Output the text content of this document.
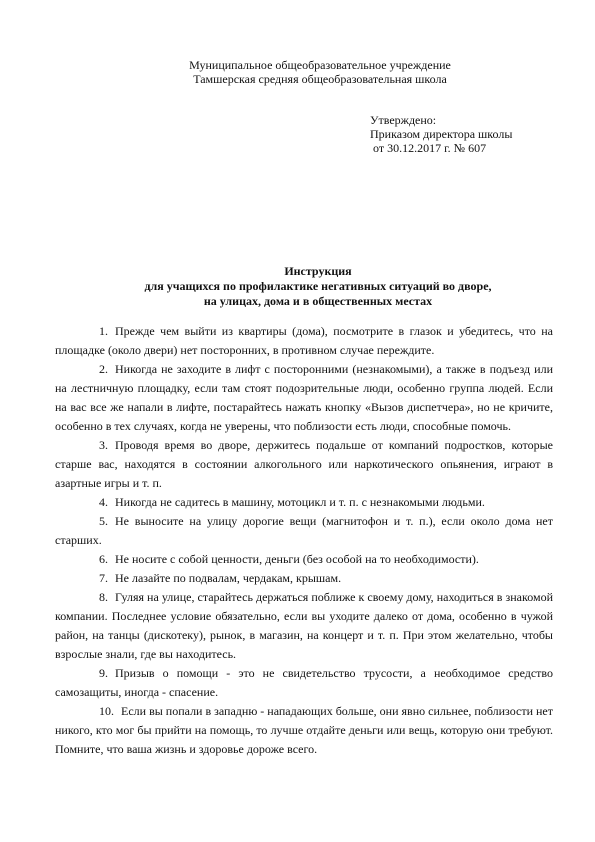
Муниципальное общеобразовательное учреждение
Тамшерская средняя общеобразовательная школа
Утверждено:
Приказом директора школы
от 30.12.2017 г. № 607
Инструкция
для учащихся по профилактике негативных ситуаций во дворе,
на улицах, дома и в общественных местах

1. Прежде чем выйти из квартиры (дома), посмотрите в глазок и убедитесь, что на площадке (около двери) нет посторонних, в противном случае переждите.

2. Никогда не заходите в лифт с посторонними (незнакомыми), а также в подъезд или на лестничную площадку, если там стоят подозрительные люди, особенно группа людей. Если на вас все же напали в лифте, постарайтесь нажать кнопку «Вызов диспетчера», но не кричите, особенно в тех случаях, когда не уверены, что поблизости есть люди, способные помочь.

3. Проводя время во дворе, держитесь подальше от компаний подростков, которые старше вас, находятся в состоянии алкогольного или наркотического опьянения, играют в азартные игры и т. п.

4. Никогда не садитесь в машину, мотоцикл и т. п. с незнакомыми людьми.

5. Не выносите на улицу дорогие вещи (магнитофон и т. п.), если около дома нет старших.

6. Не носите с собой ценности, деньги (без особой на то необходимости).

7. Не лазайте по подвалам, чердакам, крышам.

8. Гуляя на улице, старайтесь держаться поближе к своему дому, находиться в знакомой компании. Последнее условие обязательно, если вы уходите далеко от дома, особенно в чужой район, на танцы (дискотеку), рынок, в магазин, на концерт и т. п. При этом желательно, чтобы взрослые знали, где вы находитесь.

9. Призыв о помощи - это не свидетельство трусости, а необходимое средство самозащиты, иногда - спасение.

10. Если вы попали в западню - нападающих больше, они явно сильнее, поблизости нет никого, кто мог бы прийти на помощь, то лучше отдайте деньги или вещь, которую они требуют. Помните, что ваша жизнь и здоровье дороже всего.
